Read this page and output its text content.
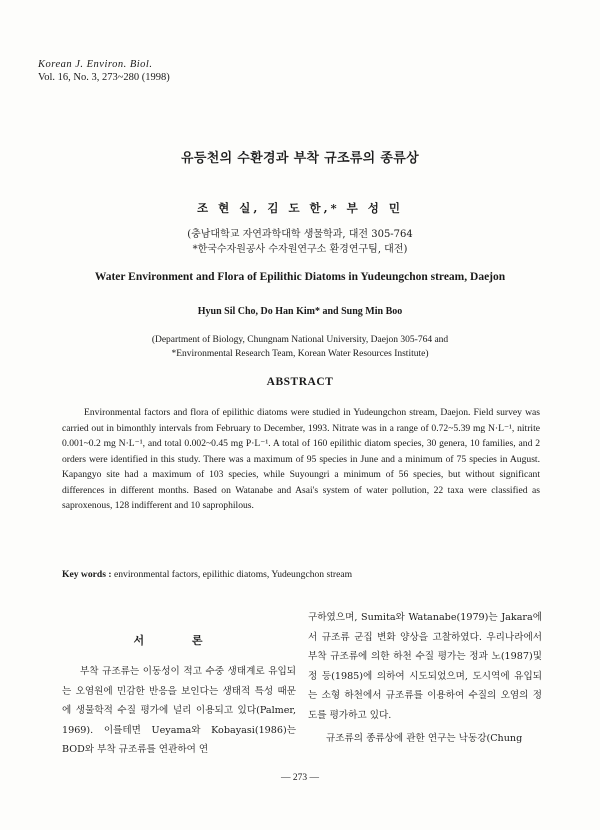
Korean J. Environ. Biol.
Vol. 16, No. 3, 273~280 (1998)
유등천의 수환경과 부착 규조류의 종류상
조 현 실, 김 도 한,* 부 성 민
(충남대학교 자연과학대학 생물학과, 대전 305-764
*한국수자원공사 수자원연구소 환경연구팀, 대전)
Water Environment and Flora of Epilithic Diatoms in Yudeungchon stream, Daejon
Hyun Sil Cho, Do Han Kim* and Sung Min Boo
(Department of Biology, Chungnam National University, Daejon 305-764 and
*Environmental Research Team, Korean Water Resources Institute)
ABSTRACT
Environmental factors and flora of epilithic diatoms were studied in Yudeungchon stream, Daejon. Field survey was carried out in bimonthly intervals from February to December, 1993. Nitrate was in a range of 0.72~5.39 mg N·L⁻¹, nitrite 0.001~0.2 mg N·L⁻¹, and total 0.002~0.45 mg P·L⁻¹. A total of 160 epilithic diatom species, 30 genera, 10 families, and 2 orders were identified in this study. There was a maximum of 95 species in June and a minimum of 75 species in August. Kapangyo site had a maximum of 103 species, while Suyoungri a minimum of 56 species, but without significant differences in different months. Based on Watanabe and Asai's system of water pollution, 22 taxa were classified as saproxenous, 128 indifferent and 10 saprophilous.
Key words : environmental factors, epilithic diatoms, Yudeungchon stream
서 론
부착 규조류는 이동성이 적고 수중 생태계로 유입되는 오염원에 민감한 반응을 보인다는 생태적 특성 때문에 생물학적 수질 평가에 널리 이용되고 있다(Palmer, 1969). 이를테면 Ueyama와 Kobayasi(1986)는 BOD와 부착 규조류를 연관하여 연

구하였으며, Sumita와 Watanabe(1979)는 Jakara에서 규조류 군집 변화 양상을 고찰하였다. 우리나라에서 부착 규조류에 의한 하천 수질 평가는 정과 노(1987)및 정 등(1985)에 의하여 시도되었으며, 도시역에 유입되는 소형 하천에서 규조류를 이용하여 수질의 오염의 정도를 평가하고 있다.

규조류의 종류상에 관한 연구는 낙동강(Chung

— 273 —
